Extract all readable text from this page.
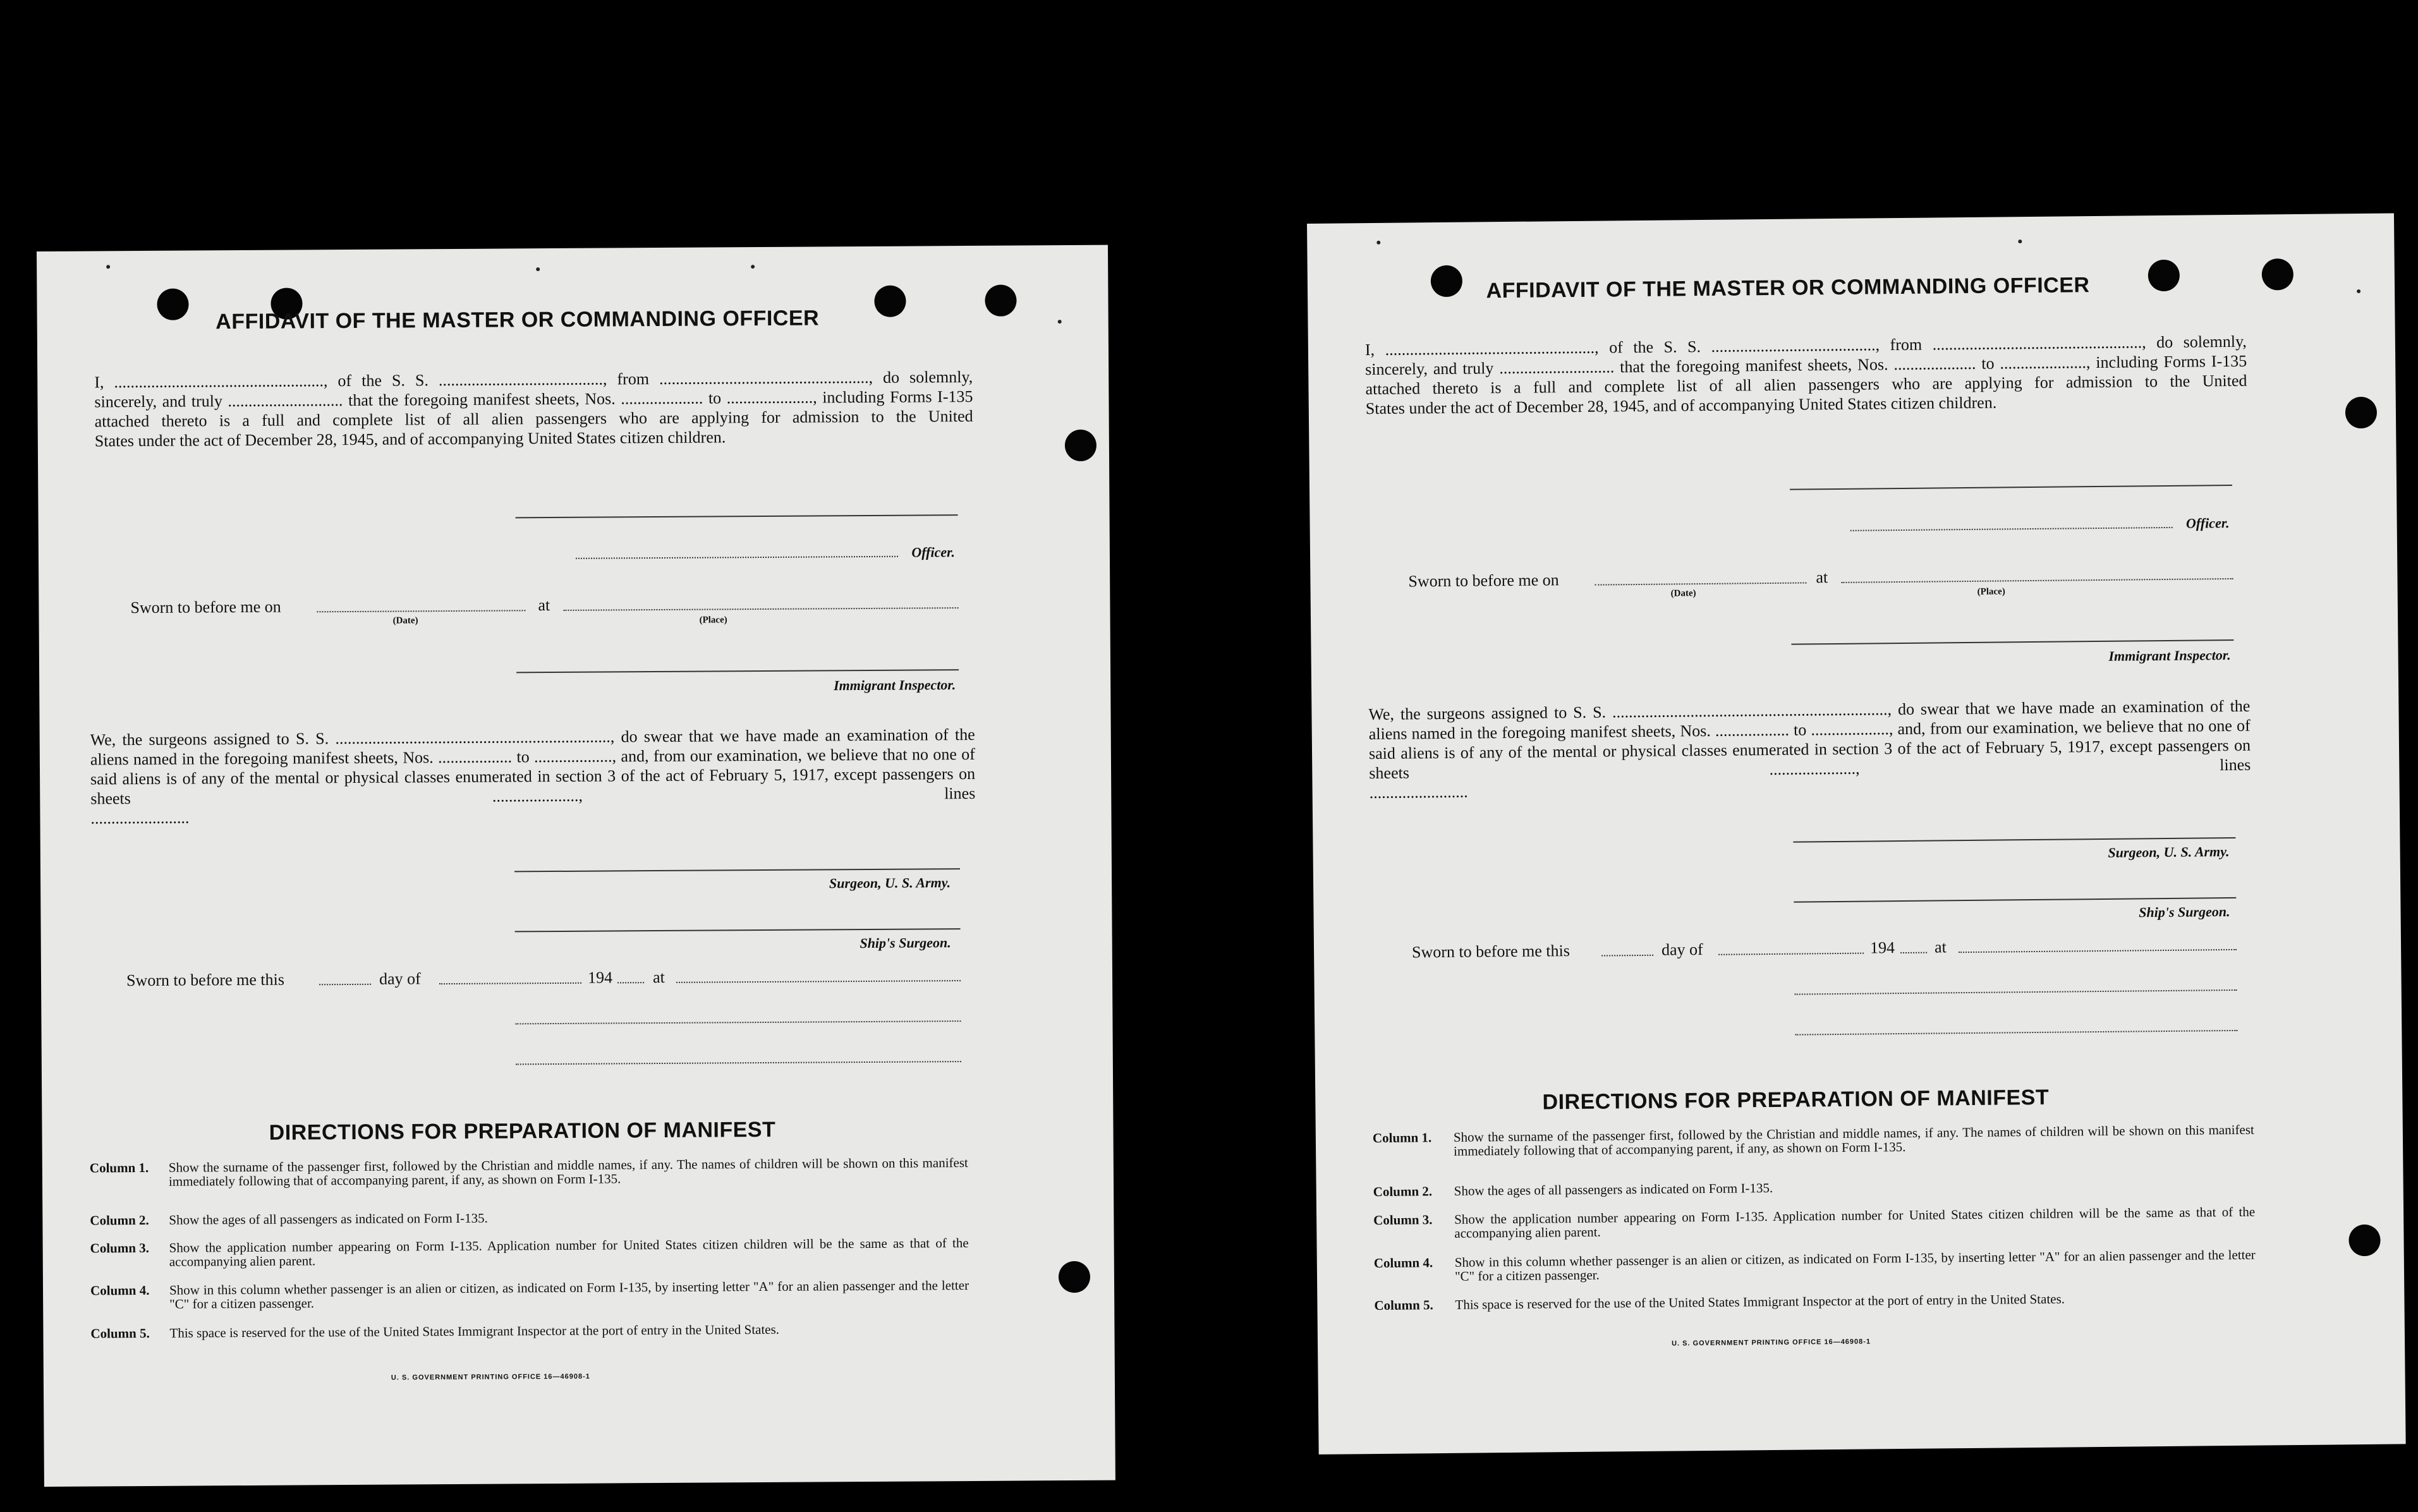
AFFIDAVIT OF THE MASTER OR COMMANDING OFFICER
I, ..................................................., of the S. S. ........................................, from ..................................................., do solemnly, sincerely, and truly ............................ that the foregoing manifest sheets, Nos. .................... to ....................., including Forms I-135 attached thereto is a full and complete list of all alien passengers who are applying for admission to the United
States under the act of December 28, 1945, and of accompanying United States citizen children.
Officer.
Sworn to before me on	at
(Date)	(Place)
Immigrant Inspector.
We, the surgeons assigned to S. S. ..................................................................., do swear that we have made an examination of the aliens named in the foregoing manifest sheets, Nos. .................. to ..................., and, from our examination, we believe that no one of said aliens is of any of the mental or physical classes enumerated in section 3 of the act of February 5, 1917, except passengers on sheets ....................., lines
........................
Surgeon, U. S. Army.
Ship's Surgeon.
Sworn to before me this	day of	194 at
DIRECTIONS FOR PREPARATION OF MANIFEST
Column 1. Show the surname of the passenger first, followed by the Christian and middle names, if any. The names of children will be shown on this manifest immediately following that of accompanying parent, if any, as shown on Form I-135.
Column 2. Show the ages of all passengers as indicated on Form I-135.
Column 3. Show the application number appearing on Form I-135. Application number for United States citizen children will be the same as that of the accompanying alien parent.
Column 4. Show in this column whether passenger is an alien or citizen, as indicated on Form I-135, by inserting letter "A" for an alien passenger and the letter "C" for a citizen passenger.
Column 5. This space is reserved for the use of the United States Immigrant Inspector at the port of entry in the United States.
U. S. GOVERNMENT PRINTING OFFICE 16—46908-1
AFFIDAVIT OF THE MASTER OR COMMANDING OFFICER
I, ..................................................., of the S. S. ........................................, from ..................................................., do solemnly, sincerely, and truly ............................ that the foregoing manifest sheets, Nos. .................... to ....................., including Forms I-135 attached thereto is a full and complete list of all alien passengers who are applying for admission to the United
States under the act of December 28, 1945, and of accompanying United States citizen children.
Officer.
Sworn to before me on	at
(Date)	(Place)
Immigrant Inspector.
We, the surgeons assigned to S. S. ..................................................................., do swear that we have made an examination of the aliens named in the foregoing manifest sheets, Nos. .................. to ..................., and, from our examination, we believe that no one of said aliens is of any of the mental or physical classes enumerated in section 3 of the act of February 5, 1917, except passengers on sheets ....................., lines
........................
Surgeon, U. S. Army.
Ship's Surgeon.
Sworn to before me this	day of	194 at
DIRECTIONS FOR PREPARATION OF MANIFEST
Column 1. Show the surname of the passenger first, followed by the Christian and middle names, if any. The names of children will be shown on this manifest immediately following that of accompanying parent, if any, as shown on Form I-135.
Column 2. Show the ages of all passengers as indicated on Form I-135.
Column 3. Show the application number appearing on Form I-135. Application number for United States citizen children will be the same as that of the accompanying alien parent.
Column 4. Show in this column whether passenger is an alien or citizen, as indicated on Form I-135, by inserting letter "A" for an alien passenger and the letter "C" for a citizen passenger.
Column 5. This space is reserved for the use of the United States Immigrant Inspector at the port of entry in the United States.
U. S. GOVERNMENT PRINTING OFFICE 16—46908-1
